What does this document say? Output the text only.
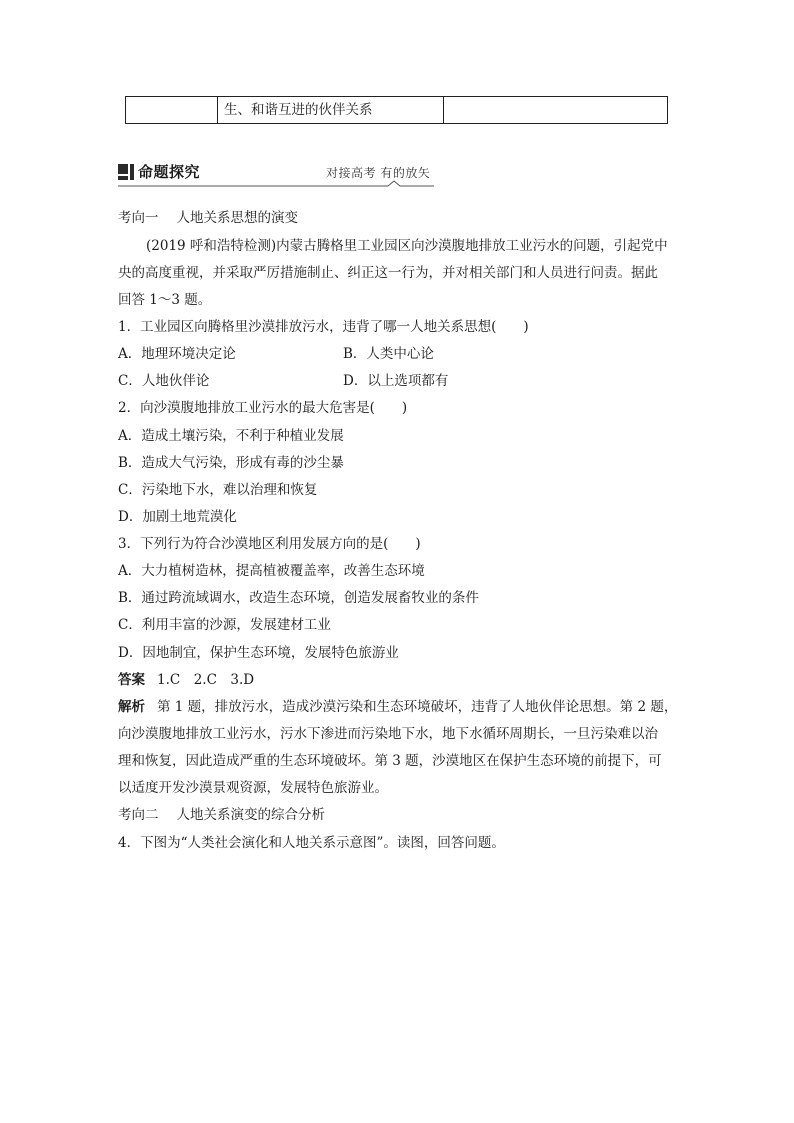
生、和谐互进的伙伴关系
命题探究	对接高考 有的放矢
考向一 人地关系思想的演变
(2019 呼和浩特检测)内蒙古腾格里工业园区向沙漠腹地排放工业污水的问题，引起党中
央的高度重视，并采取严厉措施制止、纠正这一行为，并对相关部门和人员进行问责。据此
回答 1～3 题。
1．工业园区向腾格里沙漠排放污水，违背了哪一人地关系思想(　　)
A．地理环境决定论	B．人类中心论
C．人地伙伴论	D．以上选项都有
2．向沙漠腹地排放工业污水的最大危害是(　　)
A．造成土壤污染，不利于种植业发展
B．造成大气污染，形成有毒的沙尘暴
C．污染地下水，难以治理和恢复
D．加剧土地荒漠化
3．下列行为符合沙漠地区利用发展方向的是(　　)
A．大力植树造林，提高植被覆盖率，改善生态环境
B．通过跨流域调水，改造生态环境，创造发展畜牧业的条件
C．利用丰富的沙源，发展建材工业
D．因地制宜，保护生态环境，发展特色旅游业
答案 1.C　2.C　3.D
解析 第 1 题，排放污水，造成沙漠污染和生态环境破坏，违背了人地伙伴论思想。第 2 题，
向沙漠腹地排放工业污水，污水下渗进而污染地下水，地下水循环周期长，一旦污染难以治
理和恢复，因此造成严重的生态环境破坏。第 3 题，沙漠地区在保护生态环境的前提下，可
以适度开发沙漠景观资源，发展特色旅游业。
考向二 人地关系演变的综合分析
4．下图为“人类社会演化和人地关系示意图”。读图，回答问题。
